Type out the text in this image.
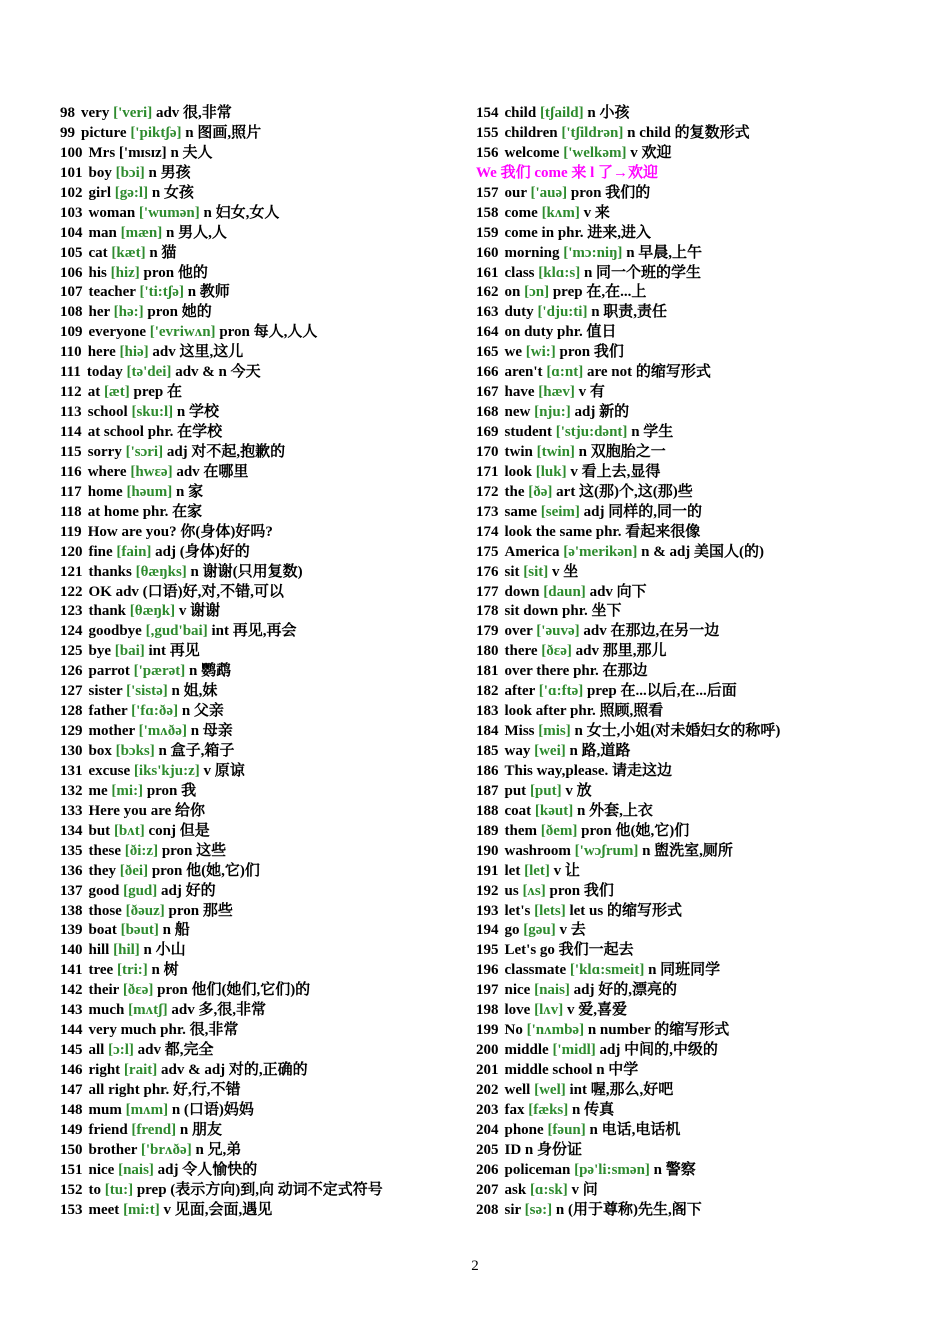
98 very ['veri] adv 很,非常
99 picture ['piktʃə] n 图画,照片
100 Mrs ['mɪsɪz] n 夫人
101 boy [bɔi] n 男孩
102 girl [gə:l] n 女孩
103 woman ['wumən] n 妇女,女人
104 man [mæn] n 男人,人
105 cat [kæt] n 猫
106 his [hiz] pron 他的
107 teacher ['ti:tʃə] n 教师
108 her [hə:] pron 她的
109 everyone ['evriwʌn] pron 每人,人人
110 here [hiə] adv 这里,这儿
111 today [tə'dei] adv & n 今天
112 at [æt] prep 在
113 school [sku:l] n 学校
114 at school phr. 在学校
115 sorry ['sɔri] adj 对不起,抱歉的
116 where [hwɛə] adv 在哪里
117 home [həum] n 家
118 at home phr. 在家
119 How are you? 你(身体)好吗?
120 fine [fain] adj (身体)好的
121 thanks [θæŋks] n 谢谢(只用复数)
122 OK adv (口语)好,对,不错,可以
123 thank [θæŋk] v 谢谢
124 goodbye [,gud'bai] int 再见,再会
125 bye [bai] int 再见
126 parrot ['pærət] n 鹦鹉
127 sister ['sistə] n 姐,妹
128 father ['fɑ:ðə] n 父亲
129 mother ['mʌðə] n 母亲
130 box [bɔks] n 盒子,箱子
131 excuse [iks'kju:z] v 原谅
132 me [mi:] pron 我
133 Here you are 给你
134 but [bʌt] conj 但是
135 these [ði:z] pron 这些
136 they [ðei] pron 他(她,它)们
137 good [gud] adj 好的
138 those [ðəuz] pron 那些
139 boat [bəut] n 船
140 hill [hil] n 小山
141 tree [tri:] n 树
142 their [ðɛə] pron 他们(她们,它们)的
143 much [mʌtʃ] adv 多,很,非常
144 very much phr. 很,非常
145 all [ɔ:l] adv 都,完全
146 right [rait] adv & adj 对的,正确的
147 all right phr. 好,行,不错
148 mum [mʌm] n (口语)妈妈
149 friend [frend] n 朋友
150 brother ['brʌðə] n 兄,弟
151 nice [nais] adj 令人愉快的
152 to [tu:] prep (表示方向)到,向 动词不定式符号
153 meet [mi:t] v 见面,会面,遇见
154 child [tʃaild] n 小孩
155 children ['tʃildrən] n child 的复数形式
156 welcome ['welkəm] v 欢迎
We 我们 come 来 l 了→欢迎
157 our ['auə] pron 我们的
158 come [kʌm] v 来
159 come in phr. 进来,进入
160 morning ['mɔ:niŋ] n 早晨,上午
161 class [klɑ:s] n 同一个班的学生
162 on [ɔn] prep 在,在...上
163 duty ['dju:ti] n 职责,责任
164 on duty phr. 值日
165 we [wi:] pron 我们
166 aren't [ɑ:nt] are not 的缩写形式
167 have [hæv] v 有
168 new [nju:] adj 新的
169 student ['stju:dənt] n 学生
170 twin [twin] n 双胞胎之一
171 look [luk] v 看上去,显得
172 the [ðə] art 这(那)个,这(那)些
173 same [seim] adj 同样的,同一的
174 look the same phr. 看起来很像
175 America [ə'merikən] n & adj 美国人(的)
176 sit [sit] v 坐
177 down [daun] adv 向下
178 sit down phr. 坐下
179 over ['əuvə] adv 在那边,在另一边
180 there [ðεə] adv 那里,那儿
181 over there phr. 在那边
182 after ['ɑ:ftə] prep 在...以后,在...后面
183 look after phr. 照顾,照看
184 Miss [mis] n 女士,小姐(对未婚妇女的称呼)
185 way [wei] n 路,道路
186 This way,please. 请走这边
187 put [put] v 放
188 coat [kəut] n 外套,上衣
189 them [ðem] pron 他(她,它)们
190 washroom ['wɔʃrum] n 盥洗室,厕所
191 let [let] v 让
192 us [ʌs] pron 我们
193 let's [lets] let us 的缩写形式
194 go [gəu] v 去
195 Let's go 我们一起去
196 classmate ['klɑ:smeit] n 同班同学
197 nice [nais] adj 好的,漂亮的
198 love [lʌv] v 爱,喜爱
199 No ['nʌmbə] n number 的缩写形式
200 middle ['midl] adj 中间的,中级的
201 middle school n 中学
202 well [wel] int 喔,那么,好吧
203 fax [fæks] n 传真
204 phone [fəun] n 电话,电话机
205 ID n 身份证
206 policeman [pə'li:smən] n 警察
207 ask [ɑ:sk] v 问
208 sir [sə:] n (用于尊称)先生,阁下
2
